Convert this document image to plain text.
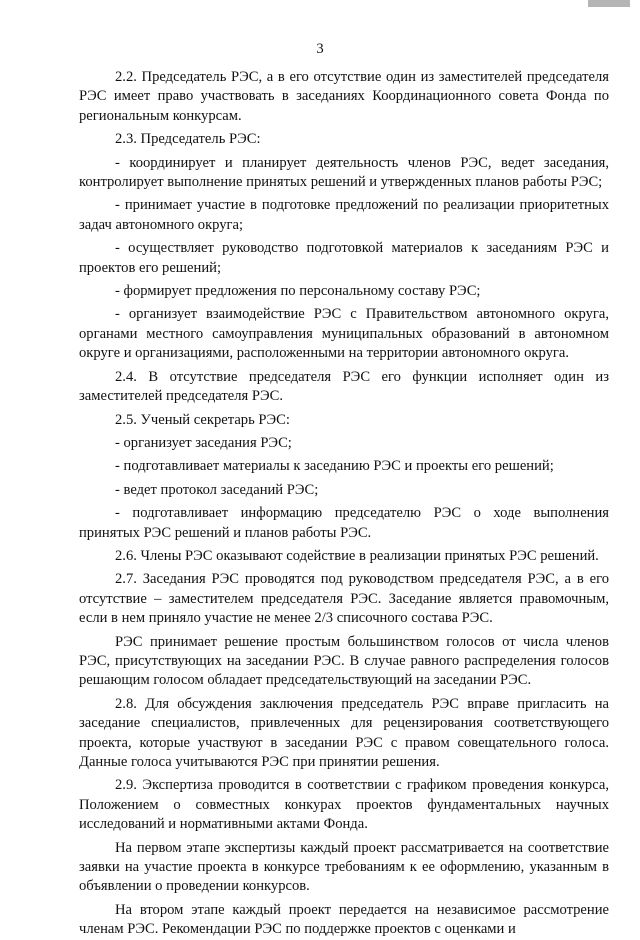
3

2.2. Председатель РЭС, а в его отсутствие один из заместителей председателя РЭС имеет право участвовать в заседаниях Координационного совета Фонда по региональным конкурсам.

2.3. Председатель РЭС:

- координирует и планирует деятельность членов РЭС, ведет заседания, контролирует выполнение принятых решений и утвержденных планов работы РЭС;

- принимает участие в подготовке предложений по реализации приоритетных задач автономного округа;

- осуществляет руководство подготовкой материалов к заседаниям РЭС и проектов его решений;

- формирует предложения по персональному составу РЭС;

- организует взаимодействие РЭС с Правительством автономного округа, органами местного самоуправления муниципальных образований в автономном округе и организациями, расположенными на территории автономного округа.

2.4. В отсутствие председателя РЭС его функции исполняет один из заместителей председателя РЭС.

2.5. Ученый секретарь РЭС:

- организует заседания РЭС;

- подготавливает материалы к заседанию РЭС и проекты его решений;

- ведет протокол заседаний РЭС;

- подготавливает информацию председателю РЭС о ходе выполнения принятых РЭС решений и планов работы РЭС.

2.6. Члены РЭС оказывают содействие в реализации принятых РЭС решений.

2.7. Заседания РЭС проводятся под руководством председателя РЭС, а в его отсутствие – заместителем председателя РЭС. Заседание является правомочным, если в нем приняло участие не менее 2/3 списочного состава РЭС.

РЭС принимает решение простым большинством голосов от числа членов РЭС, присутствующих на заседании РЭС. В случае равного распределения голосов решающим голосом обладает председательствующий на заседании РЭС.

2.8. Для обсуждения заключения председатель РЭС вправе пригласить на заседание специалистов, привлеченных для рецензирования соответствующего проекта, которые участвуют в заседании РЭС с правом совещательного голоса. Данные голоса учитываются РЭС при принятии решения.

2.9. Экспертиза проводится в соответствии с графиком проведения конкурса, Положением о совместных конкурах проектов фундаментальных научных исследований и нормативными актами Фонда.

На первом этапе экспертизы каждый проект рассматривается на соответствие заявки на участие проекта в конкурсе требованиям к ее оформлению, указанным в объявлении о проведении конкурсов.

На втором этапе каждый проект передается на независимое рассмотрение членам РЭС. Рекомендации РЭС по поддержке проектов с оценками и
